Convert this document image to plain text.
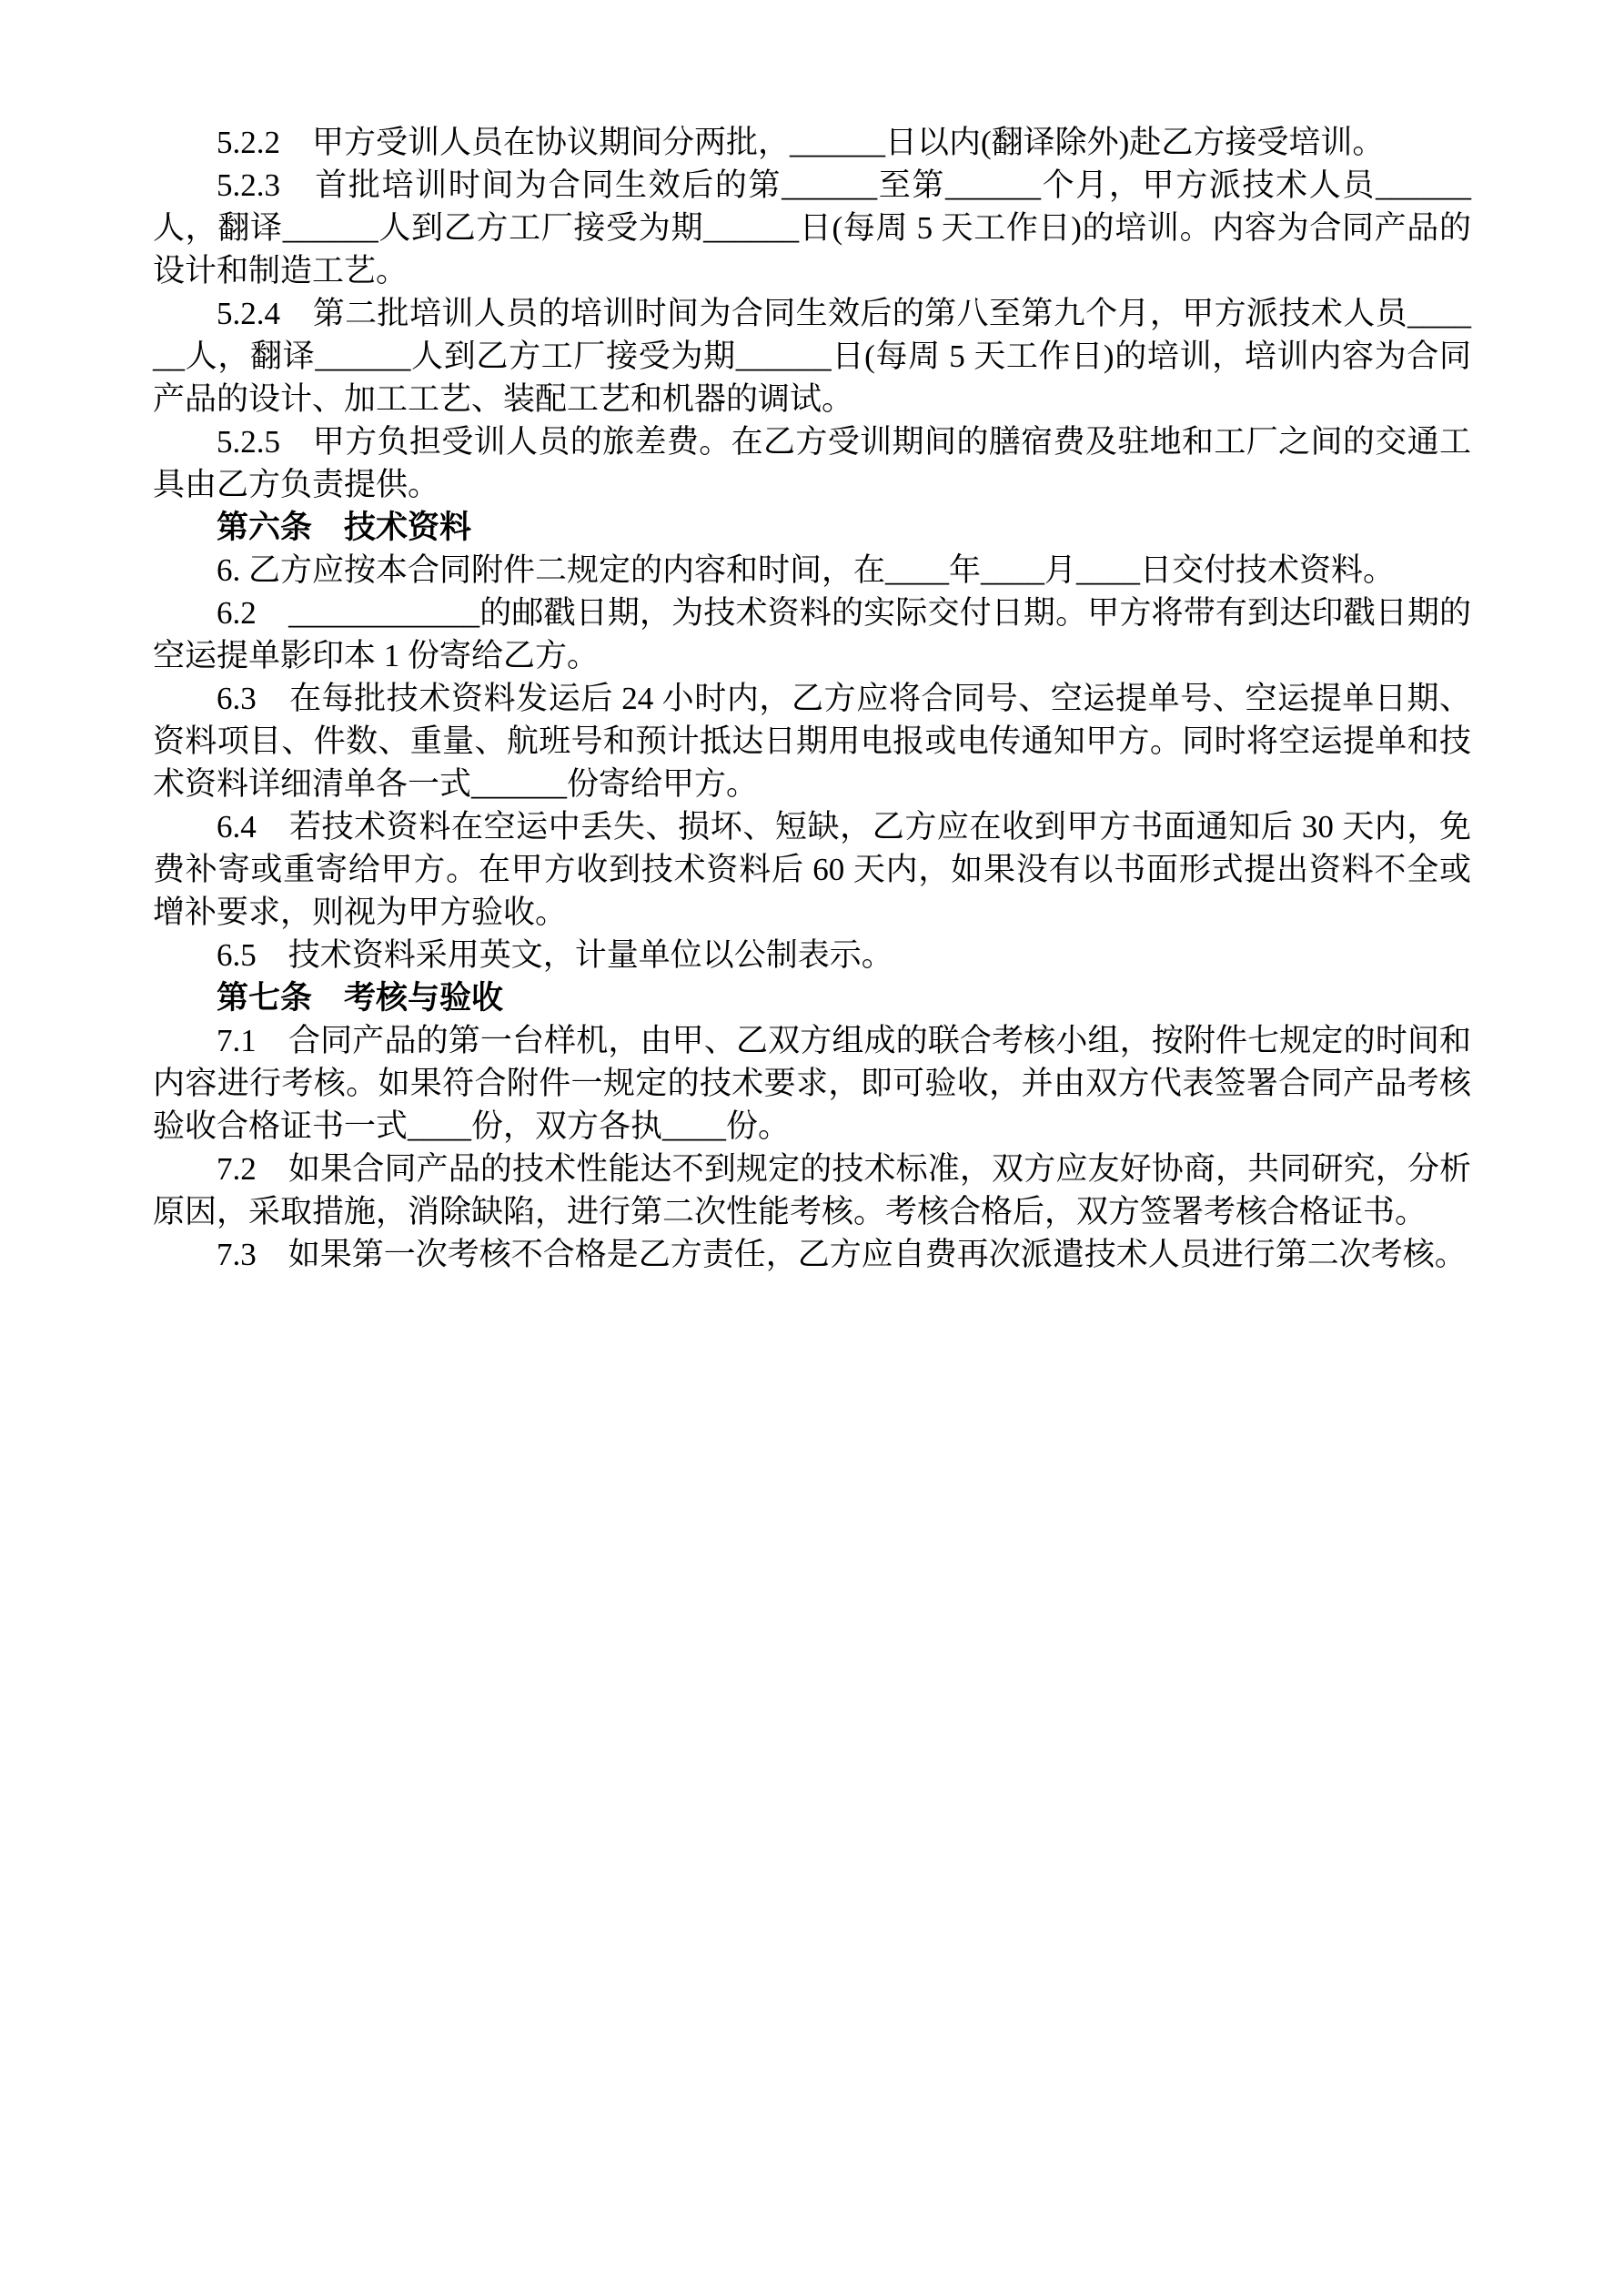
5.2.2　甲方受训人员在协议期间分两批，______日以内(翻译除外)赴乙方接受培训。

5.2.3　首批培训时间为合同生效后的第______至第______个月，甲方派技术人员______人，翻译______人到乙方工厂接受为期______日(每周 5 天工作日)的培训。内容为合同产品的设计和制造工艺。

5.2.4　第二批培训人员的培训时间为合同生效后的第八至第九个月，甲方派技术人员______人，翻译______人到乙方工厂接受为期______日(每周 5 天工作日)的培训，培训内容为合同产品的设计、加工工艺、装配工艺和机器的调试。

5.2.5　甲方负担受训人员的旅差费。在乙方受训期间的膳宿费及驻地和工厂之间的交通工具由乙方负责提供。

第六条　技术资料

6. 乙方应按本合同附件二规定的内容和时间，在____年____月____日交付技术资料。

6.2　____________的邮戳日期，为技术资料的实际交付日期。甲方将带有到达印戳日期的空运提单影印本 1 份寄给乙方。

6.3　在每批技术资料发运后 24 小时内，乙方应将合同号、空运提单号、空运提单日期、资料项目、件数、重量、航班号和预计抵达日期用电报或电传通知甲方。同时将空运提单和技术资料详细清单各一式______份寄给甲方。

6.4　若技术资料在空运中丢失、损坏、短缺，乙方应在收到甲方书面通知后 30 天内，免费补寄或重寄给甲方。在甲方收到技术资料后 60 天内，如果没有以书面形式提出资料不全或增补要求，则视为甲方验收。

6.5　技术资料采用英文，计量单位以公制表示。

第七条　考核与验收

7.1　合同产品的第一台样机，由甲、乙双方组成的联合考核小组，按附件七规定的时间和内容进行考核。如果符合附件一规定的技术要求，即可验收，并由双方代表签署合同产品考核验收合格证书一式____份，双方各执____份。

7.2　如果合同产品的技术性能达不到规定的技术标准，双方应友好协商，共同研究，分析原因，采取措施，消除缺陷，进行第二次性能考核。考核合格后，双方签署考核合格证书。

7.3　如果第一次考核不合格是乙方责任，乙方应自费再次派遣技术人员进行第二次考核。
